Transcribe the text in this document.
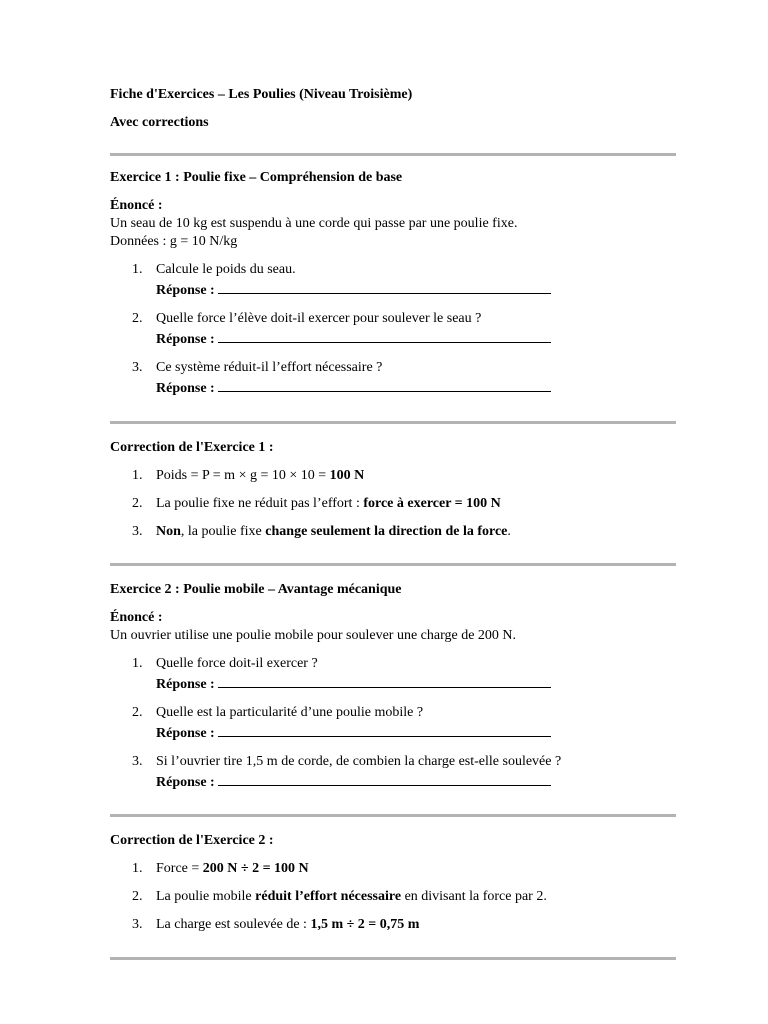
Fiche d'Exercices – Les Poulies (Niveau Troisième)
Avec corrections
Exercice 1 : Poulie fixe – Compréhension de base
Énoncé :
Un seau de 10 kg est suspendu à une corde qui passe par une poulie fixe.
Données : g = 10 N/kg
1. Calcule le poids du seau.
Réponse :
2. Quelle force l’élève doit-il exercer pour soulever le seau ?
Réponse :
3. Ce système réduit-il l’effort nécessaire ?
Réponse :
Correction de l'Exercice 1 :
1. Poids = P = m × g = 10 × 10 = 100 N
2. La poulie fixe ne réduit pas l’effort : force à exercer = 100 N
3. Non, la poulie fixe change seulement la direction de la force.
Exercice 2 : Poulie mobile – Avantage mécanique
Énoncé :
Un ouvrier utilise une poulie mobile pour soulever une charge de 200 N.
1. Quelle force doit-il exercer ?
Réponse :
2. Quelle est la particularité d’une poulie mobile ?
Réponse :
3. Si l’ouvrier tire 1,5 m de corde, de combien la charge est-elle soulevée ?
Réponse :
Correction de l'Exercice 2 :
1. Force = 200 N ÷ 2 = 100 N
2. La poulie mobile réduit l’effort nécessaire en divisant la force par 2.
3. La charge est soulevée de : 1,5 m ÷ 2 = 0,75 m
